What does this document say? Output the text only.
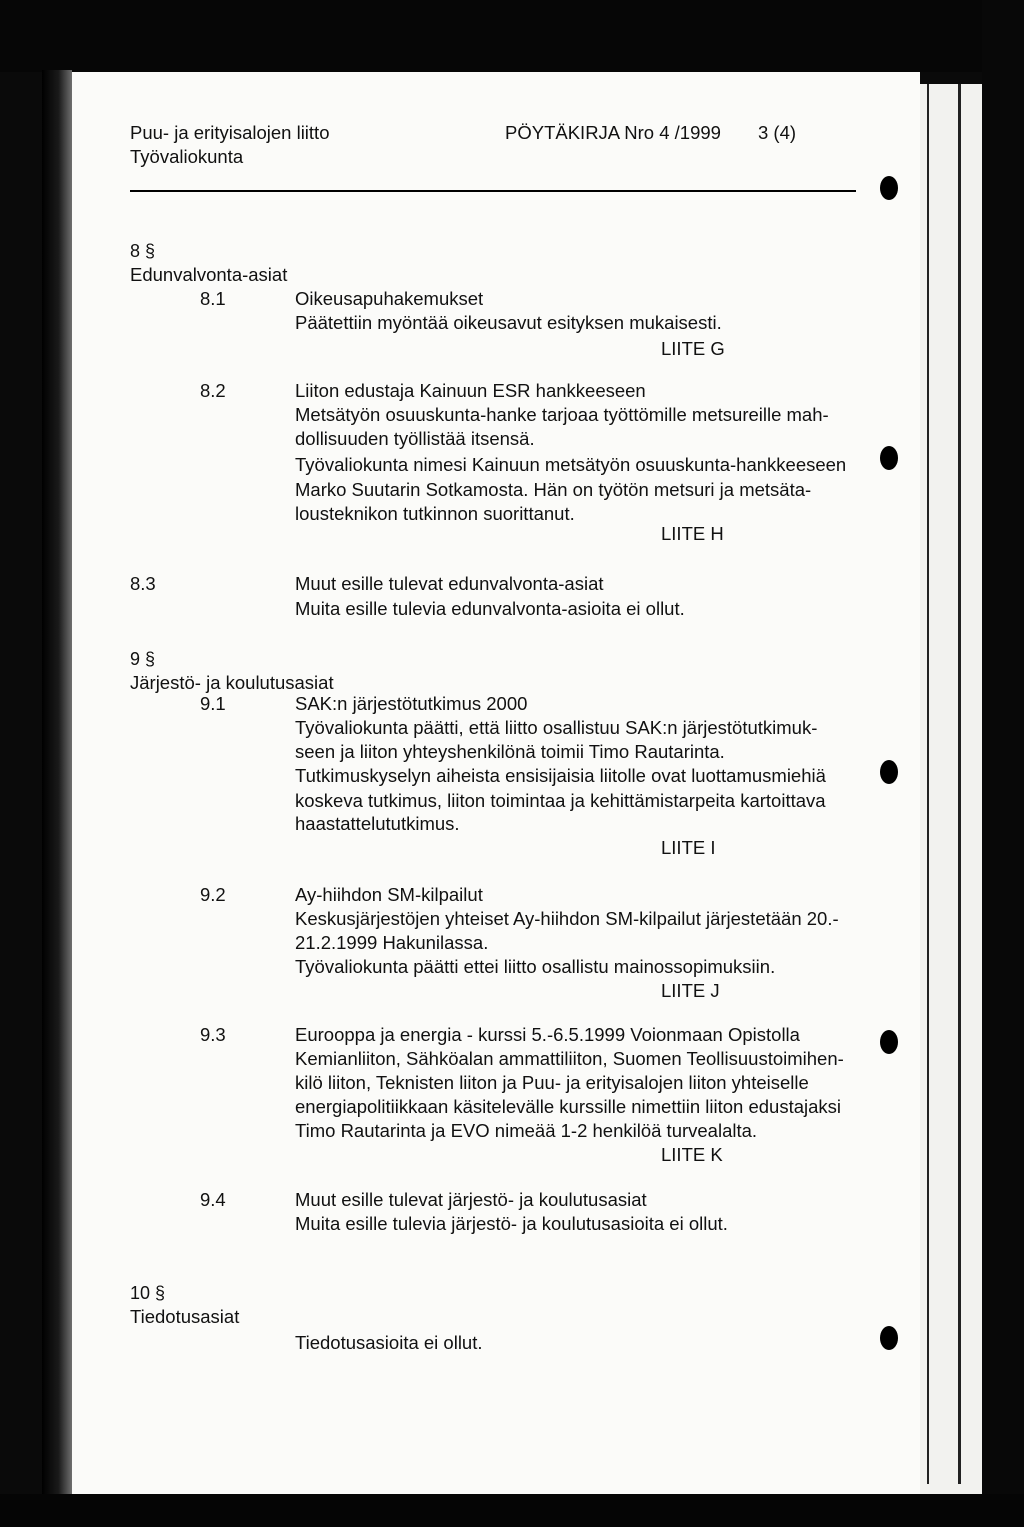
Puu- ja erityisalojen liitto	PÖYTÄKIRJA Nro 4 /1999 3 (4)
Työvaliokunta
8 §
Edunvalvonta-asiat
8.1	Oikeusapuhakemukset
Päätettiin myöntää oikeusavut esityksen mukaisesti.
LIITE G
8.2	Liiton edustaja Kainuun ESR hankkeeseen
Metsätyön osuuskunta-hanke tarjoaa työttömille metsureille mah-
dollisuuden työllistää itsensä.
Työvaliokunta nimesi Kainuun metsätyön osuuskunta-hankkeeseen
Marko Suutarin Sotkamosta. Hän on työtön metsuri ja metsäta-
lousteknikon tutkinnon suorittanut.
LIITE H
8.3	Muut esille tulevat edunvalvonta-asiat
Muita esille tulevia edunvalvonta-asioita ei ollut.
9 §
Järjestö- ja koulutusasiat
9.1	SAK:n järjestötutkimus 2000
Työvaliokunta päätti, että liitto osallistuu SAK:n järjestötutkimuk-
seen ja liiton yhteyshenkilönä toimii Timo Rautarinta.
Tutkimuskyselyn aiheista ensisijaisia liitolle ovat luottamusmiehiä
koskeva tutkimus, liiton toimintaa ja kehittämistarpeita kartoittava
haastattelututkimus.
LIITE I
9.2	Ay-hiihdon SM-kilpailut
Keskusjärjestöjen yhteiset Ay-hiihdon SM-kilpailut järjestetään 20.-
21.2.1999 Hakunilassa.
Työvaliokunta päätti ettei liitto osallistu mainossopimuksiin.
LIITE J
9.3	Eurooppa ja energia - kurssi 5.-6.5.1999 Voionmaan Opistolla
Kemianliiton, Sähköalan ammattiliiton, Suomen Teollisuustoimihen-
kilö liiton, Teknisten liiton ja Puu- ja erityisalojen liiton yhteiselle
energiapolitiikkaan käsitelevälle kurssille nimettiin liiton edustajaksi
Timo Rautarinta ja EVO nimeää 1-2 henkilöä turvealalta.
LIITE K
9.4	Muut esille tulevat järjestö- ja koulutusasiat
Muita esille tulevia järjestö- ja koulutusasioita ei ollut.
10 §
Tiedotusasiat
Tiedotusasioita ei ollut.
